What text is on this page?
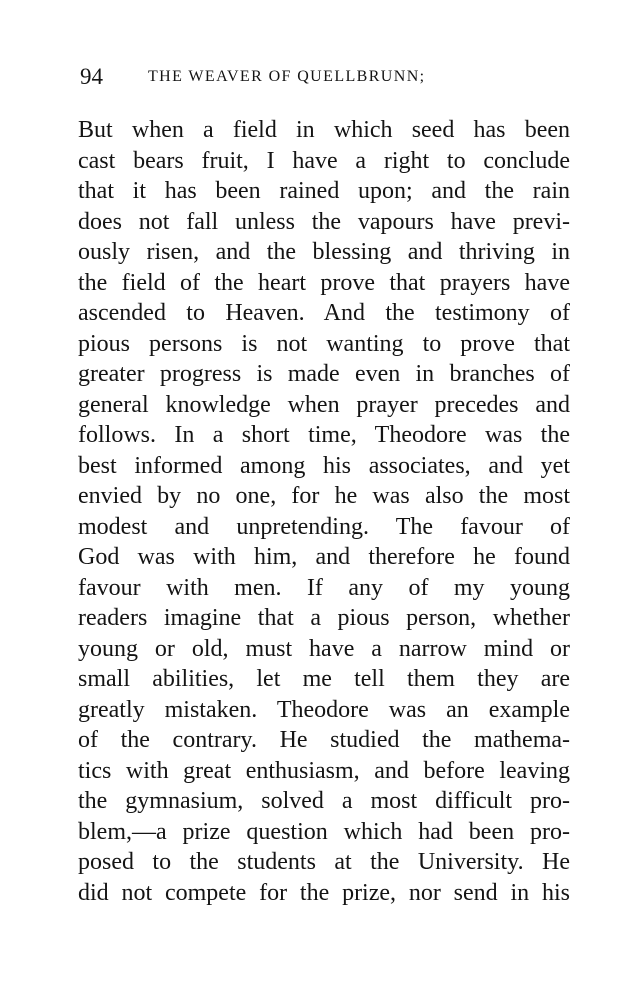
94	THE WEAVER OF QUELLBRUNN;
But when a field in which seed has been
cast bears fruit, I have a right to conclude
that it has been rained upon; and the rain
does not fall unless the vapours have previ-
ously risen, and the blessing and thriving in
the field of the heart prove that prayers have
ascended to Heaven. And the testimony of
pious persons is not wanting to prove that
greater progress is made even in branches of
general knowledge when prayer precedes and
follows. In a short time, Theodore was the
best informed among his associates, and yet
envied by no one, for he was also the most
modest and unpretending. The favour of
God was with him, and therefore he found
favour with men. If any of my young
readers imagine that a pious person, whether
young or old, must have a narrow mind or
small abilities, let me tell them they are
greatly mistaken. Theodore was an example
of the contrary. He studied the mathema-
tics with great enthusiasm, and before leaving
the gymnasium, solved a most difficult pro-
blem,—a prize question which had been pro-
posed to the students at the University. He
did not compete for the prize, nor send in his
